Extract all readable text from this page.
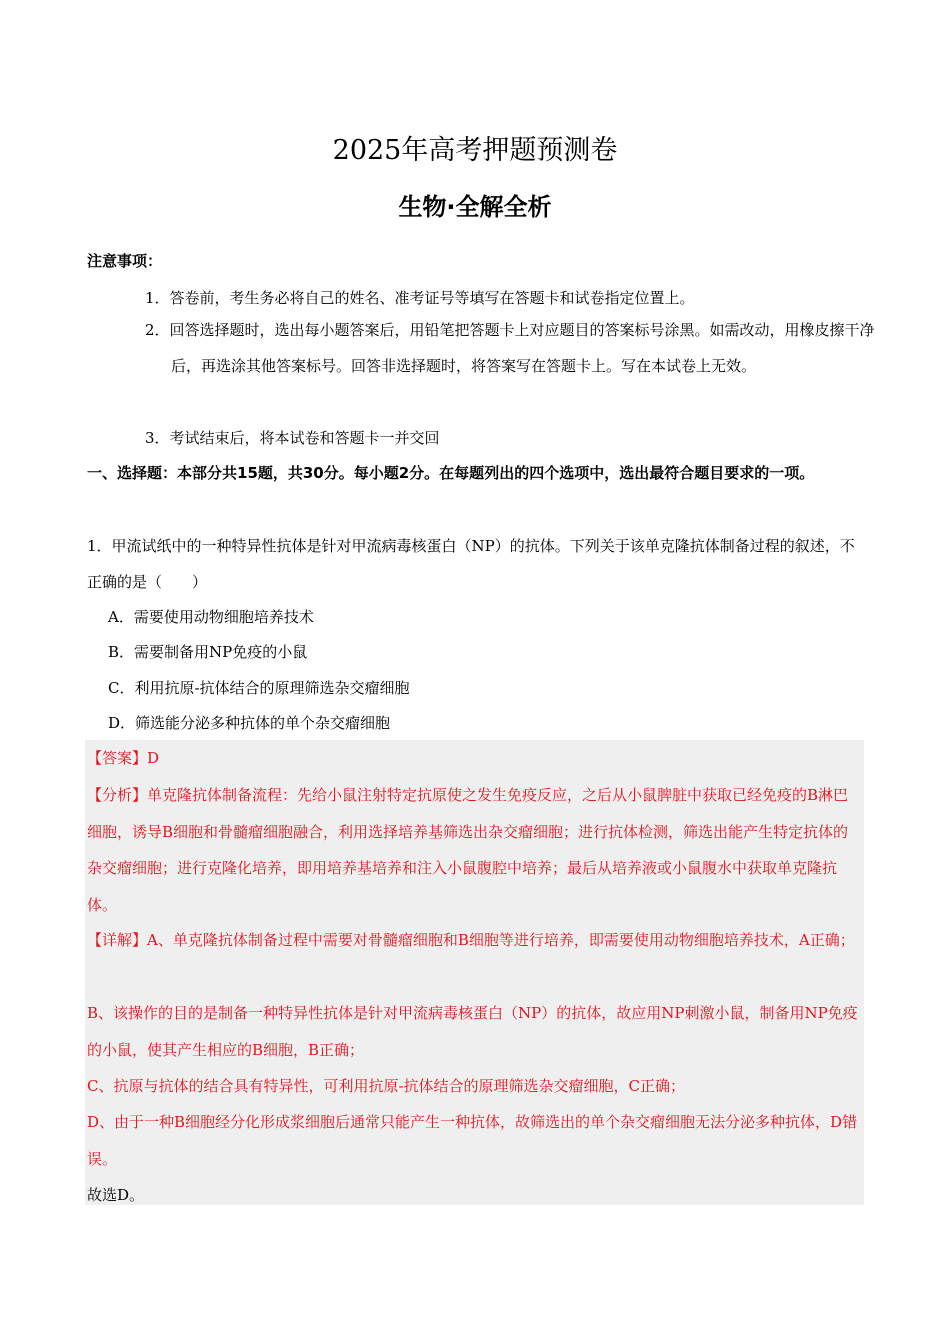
2025年高考押题预测卷
生物·全解全析
注意事项：
1．答卷前，考生务必将自己的姓名、准考证号等填写在答题卡和试卷指定位置上。
2．回答选择题时，选出每小题答案后，用铅笔把答题卡上对应题目的答案标号涂黑。如需改动，用橡皮擦干净后，再选涂其他答案标号。回答非选择题时，将答案写在答题卡上。写在本试卷上无效。
3．考试结束后，将本试卷和答题卡一并交回
一、选择题：本部分共15题，共30分。每小题2分。在每题列出的四个选项中，选出最符合题目要求的一项。
1．甲流试纸中的一种特异性抗体是针对甲流病毒核蛋白（NP）的抗体。下列关于该单克隆抗体制备过程的叙述，不正确的是（　　）
A．需要使用动物细胞培养技术
B．需要制备用NP免疫的小鼠
C．利用抗原-抗体结合的原理筛选杂交瘤细胞
D．筛选能分泌多种抗体的单个杂交瘤细胞
【答案】D
【分析】单克隆抗体制备流程：先给小鼠注射特定抗原使之发生免疫反应，之后从小鼠脾脏中获取已经免疫的B淋巴细胞，诱导B细胞和骨髓瘤细胞融合，利用选择培养基筛选出杂交瘤细胞；进行抗体检测，筛选出能产生特定抗体的杂交瘤细胞；进行克隆化培养，即用培养基培养和注入小鼠腹腔中培养；最后从培养液或小鼠腹水中获取单克隆抗体。
【详解】A、单克隆抗体制备过程中需要对骨髓瘤细胞和B细胞等进行培养，即需要使用动物细胞培养技术，A正确；
B、该操作的目的是制备一种特异性抗体是针对甲流病毒核蛋白（NP）的抗体，故应用NP刺激小鼠，制备用NP免疫的小鼠，使其产生相应的B细胞，B正确；
C、抗原与抗体的结合具有特异性，可利用抗原-抗体结合的原理筛选杂交瘤细胞，C正确；
D、由于一种B细胞经分化形成浆细胞后通常只能产生一种抗体，故筛选出的单个杂交瘤细胞无法分泌多种抗体，D错误。
故选D。
